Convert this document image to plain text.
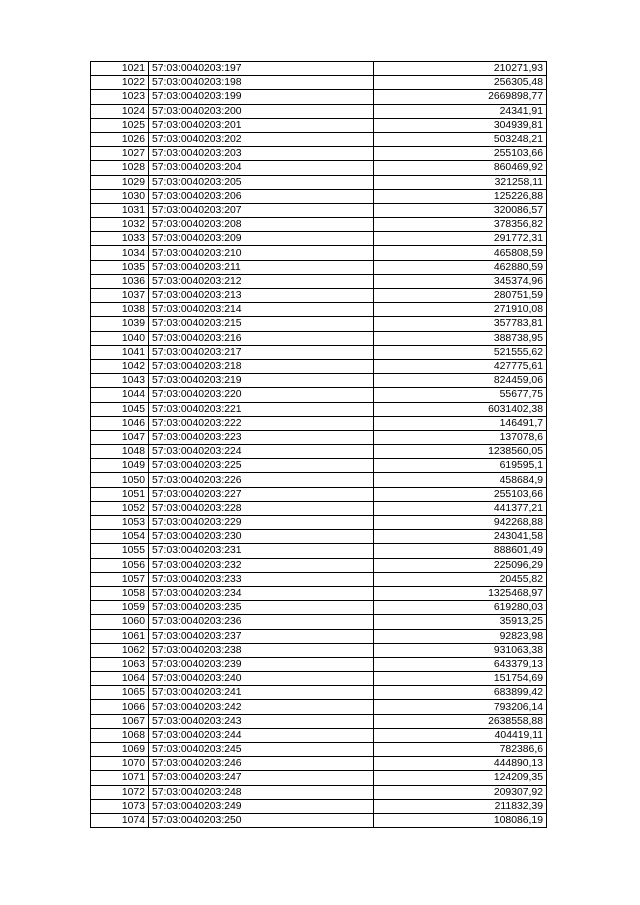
1021	57:03:0040203:197	210271,93
1022	57:03:0040203:198	256305,48
1023	57:03:0040203:199	2669898,77
1024	57:03:0040203:200	24341,91
1025	57:03:0040203:201	304939,81
1026	57:03:0040203:202	503248,21
1027	57:03:0040203:203	255103,66
1028	57:03:0040203:204	860469,92
1029	57:03:0040203:205	321258,11
1030	57:03:0040203:206	125226,88
1031	57:03:0040203:207	320086,57
1032	57:03:0040203:208	378356,82
1033	57:03:0040203:209	291772,31
1034	57:03:0040203:210	465808,59
1035	57:03:0040203:211	462880,59
1036	57:03:0040203:212	345374,96
1037	57:03:0040203:213	280751,59
1038	57:03:0040203:214	271910,08
1039	57:03:0040203:215	357783,81
1040	57:03:0040203:216	388738,95
1041	57:03:0040203:217	521555,62
1042	57:03:0040203:218	427775,61
1043	57:03:0040203:219	824459,06
1044	57:03:0040203:220	55677,75
1045	57:03:0040203:221	6031402,38
1046	57:03:0040203:222	146491,7
1047	57:03:0040203:223	137078,6
1048	57:03:0040203:224	1238560,05
1049	57:03:0040203:225	619595,1
1050	57:03:0040203:226	458684,9
1051	57:03:0040203:227	255103,66
1052	57:03:0040203:228	441377,21
1053	57:03:0040203:229	942268,88
1054	57:03:0040203:230	243041,58
1055	57:03:0040203:231	888601,49
1056	57:03:0040203:232	225096,29
1057	57:03:0040203:233	20455,82
1058	57:03:0040203:234	1325468,97
1059	57:03:0040203:235	619280,03
1060	57:03:0040203:236	35913,25
1061	57:03:0040203:237	92823,98
1062	57:03:0040203:238	931063,38
1063	57:03:0040203:239	643379,13
1064	57:03:0040203:240	151754,69
1065	57:03:0040203:241	683899,42
1066	57:03:0040203:242	793206,14
1067	57:03:0040203:243	2638558,88
1068	57:03:0040203:244	404419,11
1069	57:03:0040203:245	782386,6
1070	57:03:0040203:246	444890,13
1071	57:03:0040203:247	124209,35
1072	57:03:0040203:248	209307,92
1073	57:03:0040203:249	211832,39
1074	57:03:0040203:250	108086,19
